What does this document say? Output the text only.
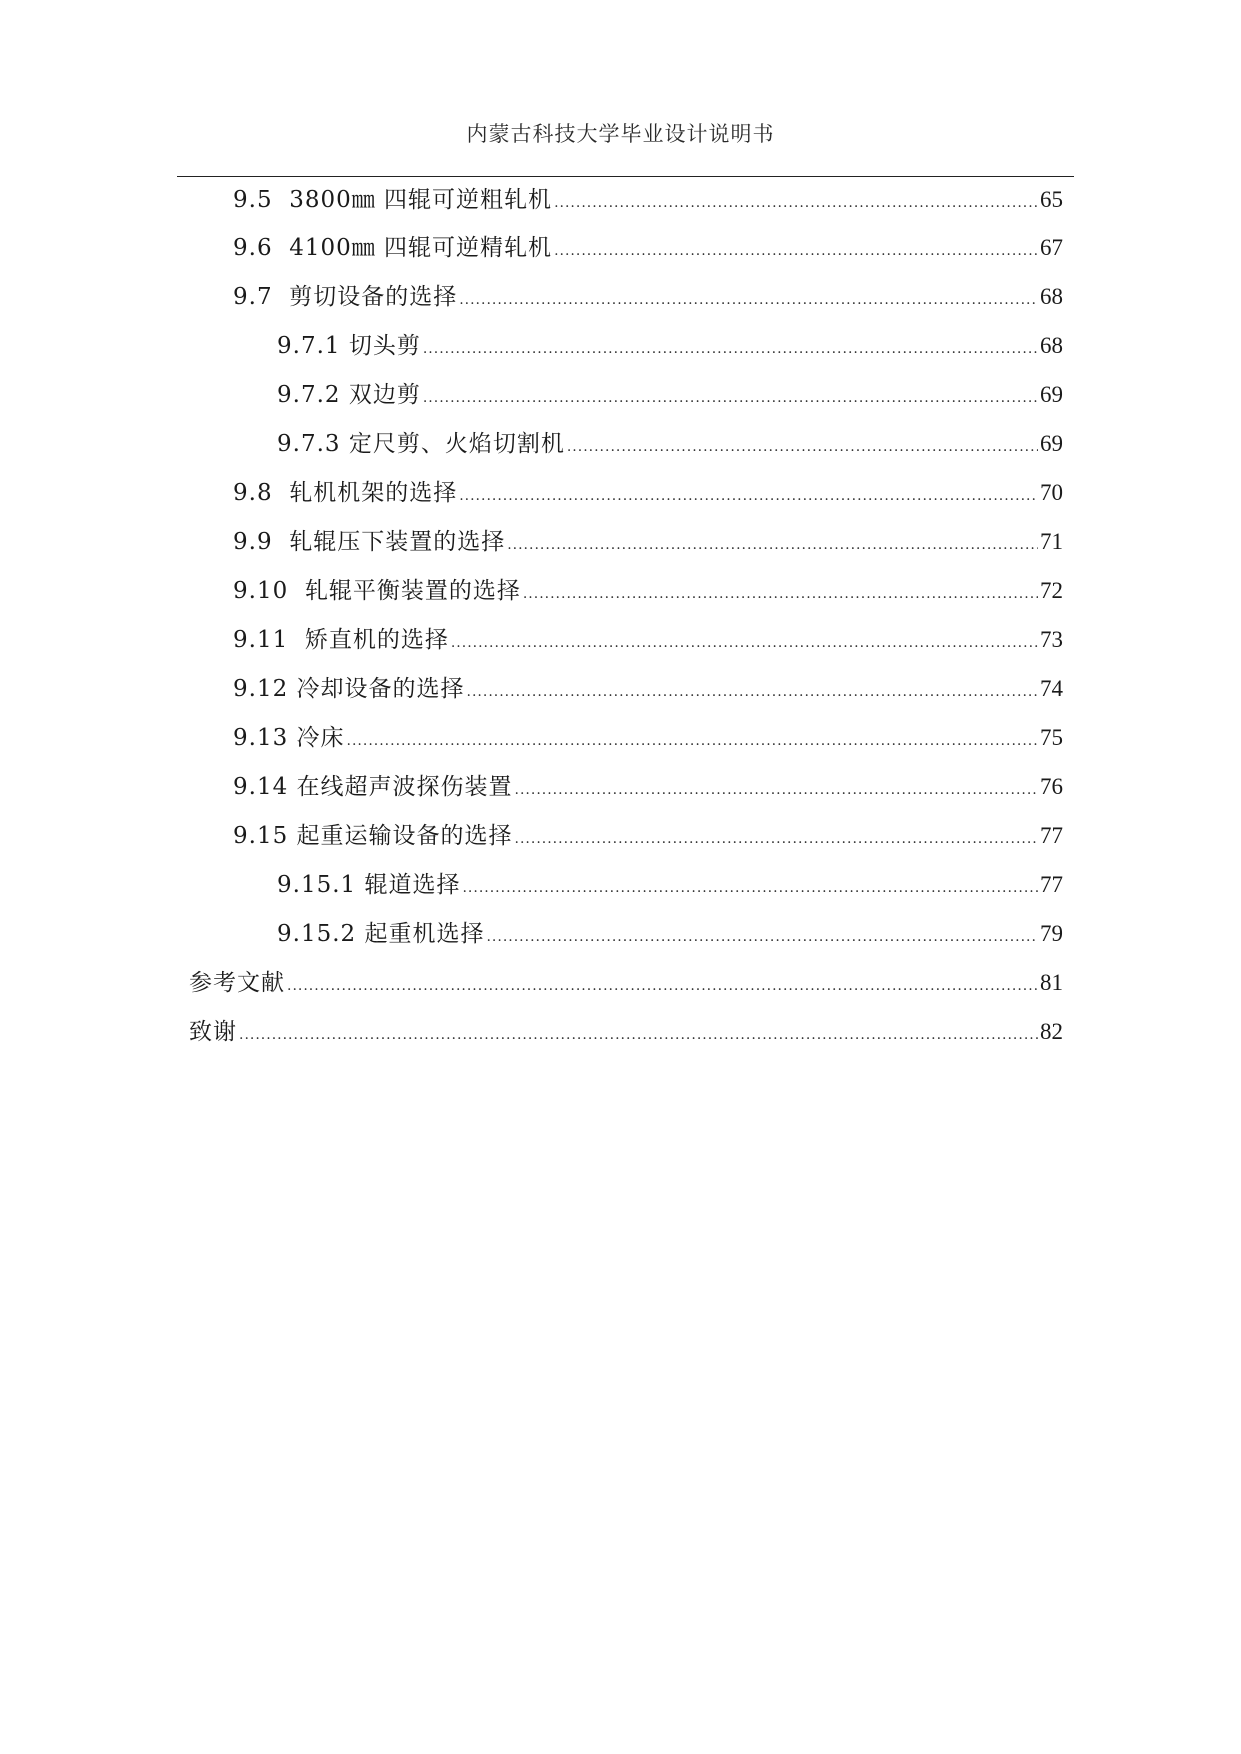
内蒙古科技大学毕业设计说明书
9.5 3800㎜ 四辊可逆粗轧机 .....	65
9.6 4100㎜ 四辊可逆精轧机 .....	67
9.7 剪切设备的选择 .....	68
9.7.1 切头剪 .....	68
9.7.2 双边剪 .....	69
9.7.3 定尺剪、火焰切割机 .....	69
9.8 轧机机架的选择 .....	70
9.9 轧辊压下装置的选择 .....	71
9.10 轧辊平衡装置的选择 .....	72
9.11 矫直机的选择 .....	73
9.12 冷却设备的选择 .....	74
9.13 冷床 .....	75
9.14 在线超声波探伤装置 .....	76
9.15 起重运输设备的选择 .....	77
9.15.1 辊道选择 .....	77
9.15.2 起重机选择 .....	79
参考文献 .....	81
致谢 .....	82
